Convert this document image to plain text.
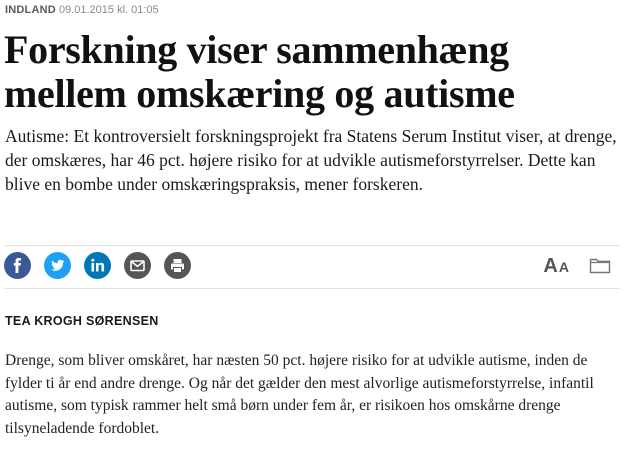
INDLAND 09.01.2015 kl. 01:05
Forskning viser sammenhæng mellem omskæring og autisme

Autisme: Et kontroversielt forskningsprojekt fra Statens Serum Institut viser, at drenge, der omskæres, har 46 pct. højere risiko for at udvikle autismeforstyrrelser. Dette kan blive en bombe under omskæringspraksis, mener forskeren.

A A
TEA KROGH SØRENSEN

Drenge, som bliver omskåret, har næsten 50 pct. højere risiko for at udvikle autisme, inden de fylder ti år end andre drenge. Og når det gælder den mest alvorlige autismeforstyrrelse, infantil autisme, som typisk rammer helt små børn under fem år, er risikoen hos omskårne drenge tilsyneladende fordoblet.
